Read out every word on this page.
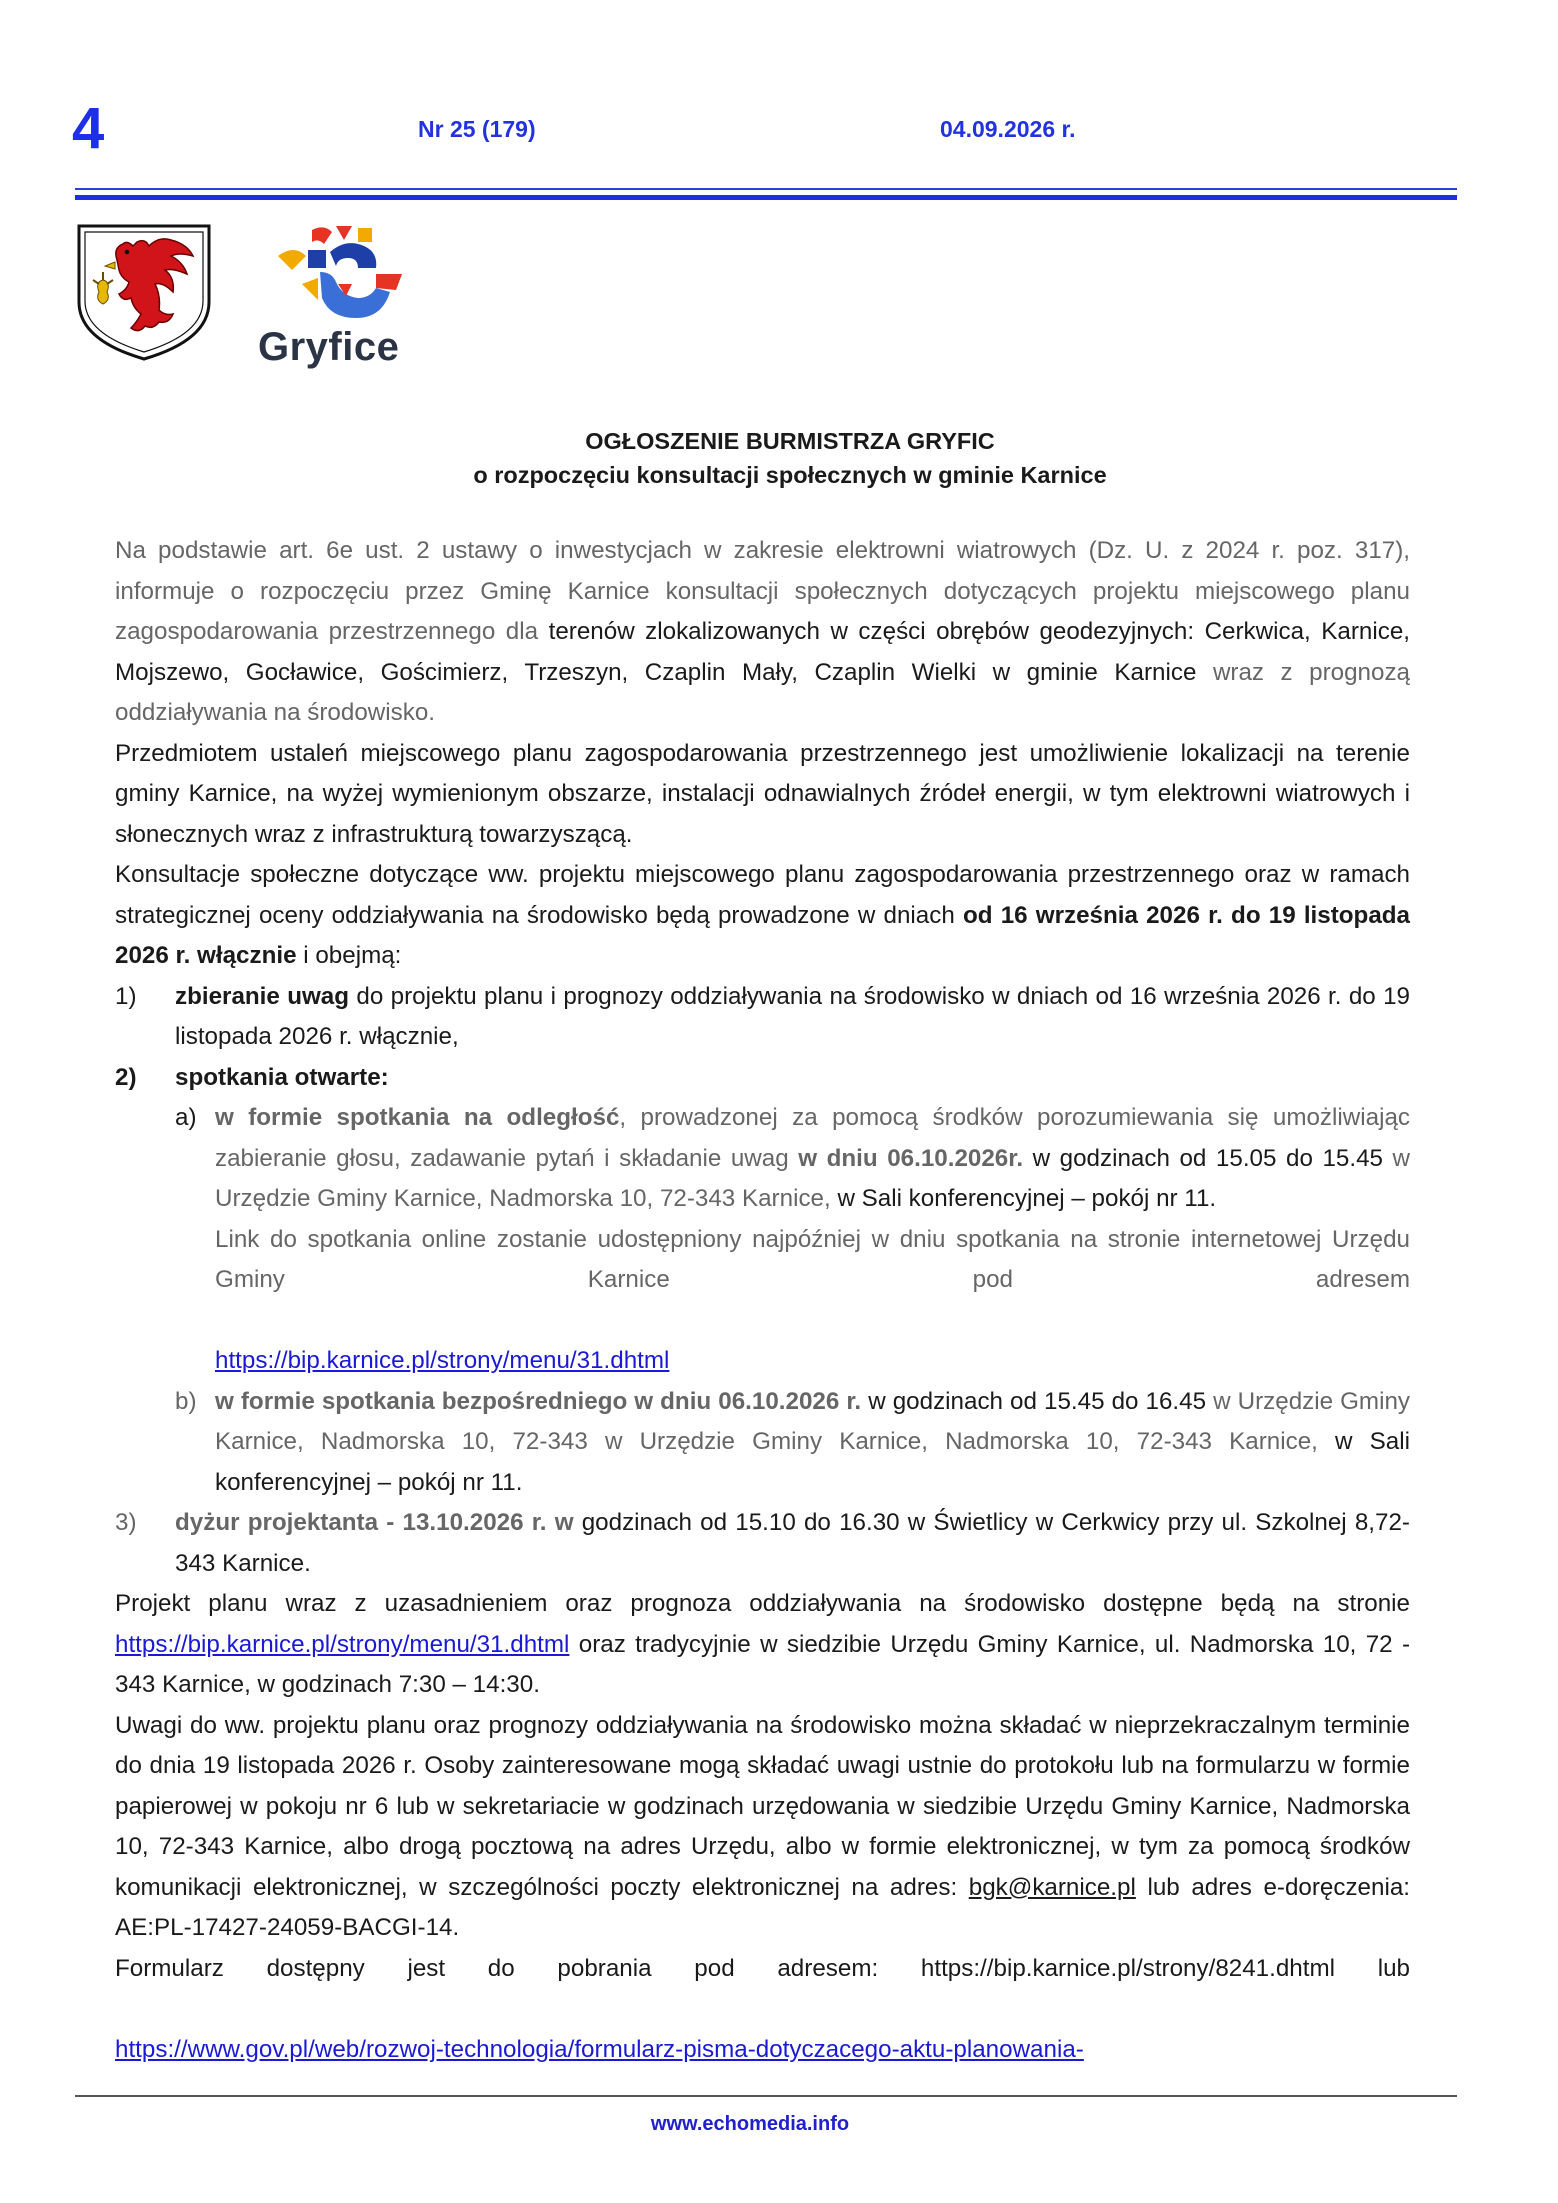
4	Nr 25 (179)	04.09.2026 r.
Gryfice
OGŁOSZENIE BURMISTRZA GRYFIC
o rozpoczęciu konsultacji społecznych w gminie Karnice

Na podstawie art. 6e ust. 2 ustawy o inwestycjach w zakresie elektrowni wiatrowych (Dz. U. z 2024 r. poz. 317), informuje o rozpoczęciu przez Gminę Karnice konsultacji społecznych dotyczących projektu miejscowego planu zagospodarowania przestrzennego dla terenów zlokalizowanych w części obrębów geodezyjnych: Cerkwica, Karnice, Mojszewo, Gocławice, Gościmierz, Trzeszyn, Czaplin Mały, Czaplin Wielki w gminie Karnice wraz z prognozą oddziaływania na środowisko.

Przedmiotem ustaleń miejscowego planu zagospodarowania przestrzennego jest umożliwienie lokalizacji na terenie gminy Karnice, na wyżej wymienionym obszarze, instalacji odnawialnych źródeł energii, w tym elektrowni wiatrowych i słonecznych wraz z infrastrukturą towarzyszącą.

Konsultacje społeczne dotyczące ww. projektu miejscowego planu zagospodarowania przestrzennego oraz w ramach strategicznej oceny oddziaływania na środowisko będą prowadzone w dniach od 16 września 2026 r. do 19 listopada 2026 r. włącznie i obejmą:

1) zbieranie uwag do projektu planu i prognozy oddziaływania na środowisko w dniach od 16 września 2026 r. do 19 listopada 2026 r. włącznie,
2) spotkania otwarte:
a) w formie spotkania na odległość, prowadzonej za pomocą środków porozumiewania się umożliwiając zabieranie głosu, zadawanie pytań i składanie uwag w dniu 06.10.2026r. w godzinach od 15.05 do 15.45 w Urzędzie Gminy Karnice, Nadmorska 10, 72-343 Karnice, w Sali konferencyjnej – pokój nr 11.
Link do spotkania online zostanie udostępniony najpóźniej w dniu spotkania na stronie internetowej Urzędu Gminy Karnice pod adresem
https://bip.karnice.pl/strony/menu/31.dhtml
b) w formie spotkania bezpośredniego w dniu 06.10.2026 r. w godzinach od 15.45 do 16.45 w Urzędzie Gminy Karnice, Nadmorska 10, 72-343 w Urzędzie Gminy Karnice, Nadmorska 10, 72-343 Karnice, w Sali konferencyjnej – pokój nr 11.
3) dyżur projektanta - 13.10.2026 r. w godzinach od 15.10 do 16.30 w Świetlicy w Cerkwicy przy ul. Szkolnej 8,72-343 Karnice.

Projekt planu wraz z uzasadnieniem oraz prognoza oddziaływania na środowisko dostępne będą na stronie https://bip.karnice.pl/strony/menu/31.dhtml oraz tradycyjnie w siedzibie Urzędu Gminy Karnice, ul. Nadmorska 10, 72 - 343 Karnice, w godzinach 7:30 – 14:30.

Uwagi do ww. projektu planu oraz prognozy oddziaływania na środowisko można składać w nieprzekraczalnym terminie do dnia 19 listopada 2026 r. Osoby zainteresowane mogą składać uwagi ustnie do protokołu lub na formularzu w formie papierowej w pokoju nr 6 lub w sekretariacie w godzinach urzędowania w siedzibie Urzędu Gminy Karnice, Nadmorska 10, 72-343 Karnice, albo drogą pocztową na adres Urzędu, albo w formie elektronicznej, w tym za pomocą środków komunikacji elektronicznej, w szczególności poczty elektronicznej na adres: bgk@karnice.pl lub adres e-doręczenia: AE:PL-17427-24059-BACGI-14.

Formularz dostępny jest do pobrania pod adresem: https://bip.karnice.pl/strony/8241.dhtml lub

https://www.gov.pl/web/rozwoj-technologia/formularz-pisma-dotyczacego-aktu-planowania-

www.echomedia.info
